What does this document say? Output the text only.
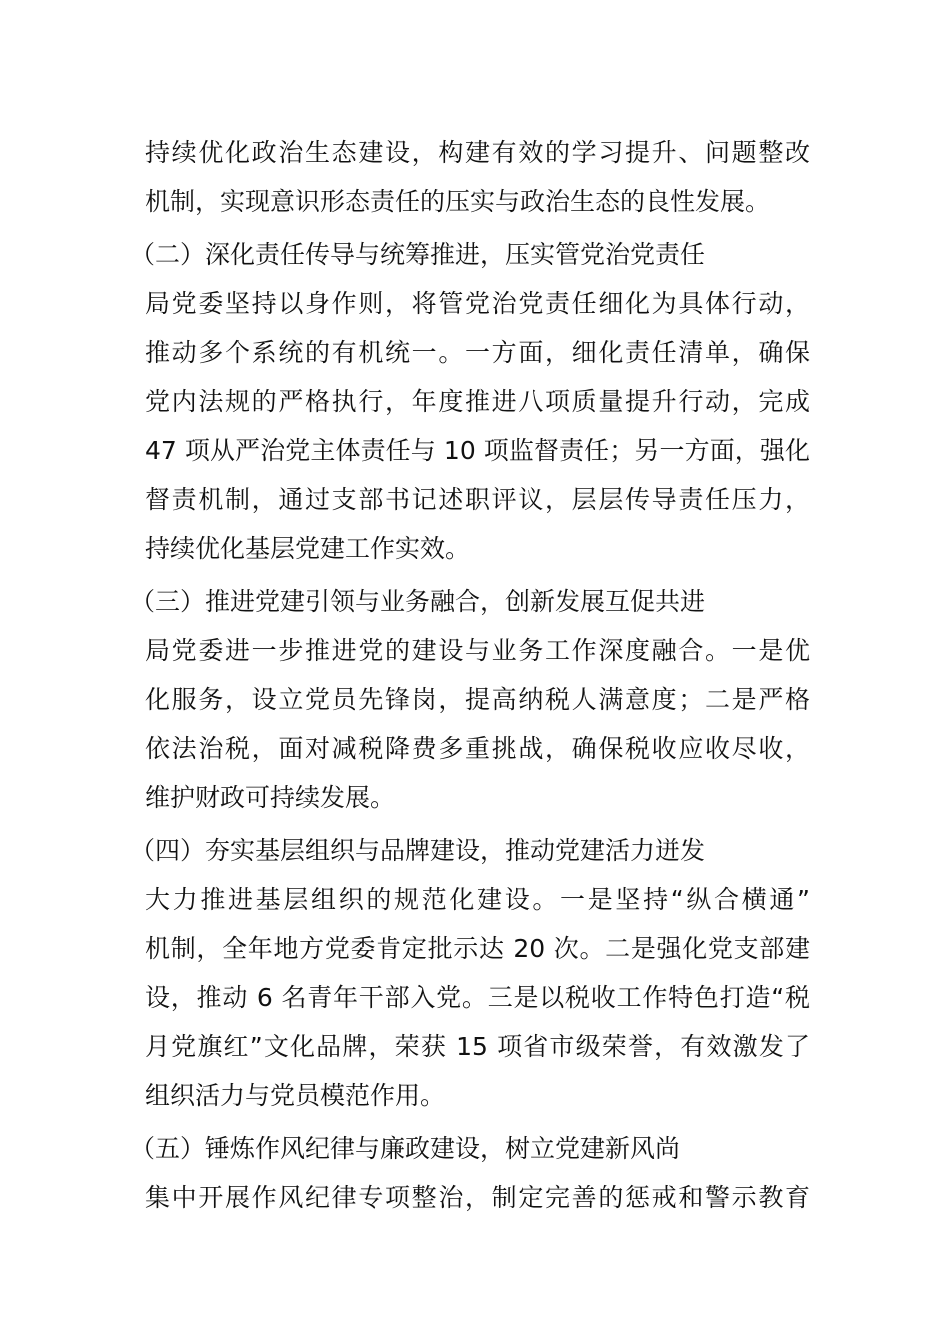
持续优化政治生态建设，构建有效的学习提升、问题整改
机制，实现意识形态责任的压实与政治生态的良性发展。
（二）深化责任传导与统筹推进，压实管党治党责任
局党委坚持以身作则，将管党治党责任细化为具体行动，
推动多个系统的有机统一。一方面，细化责任清单，确保
党内法规的严格执行，年度推进八项质量提升行动，完成
47 项从严治党主体责任与 10 项监督责任；另一方面，强化
督责机制，通过支部书记述职评议，层层传导责任压力，
持续优化基层党建工作实效。
（三）推进党建引领与业务融合，创新发展互促共进
局党委进一步推进党的建设与业务工作深度融合。一是优
化服务，设立党员先锋岗，提高纳税人满意度；二是严格
依法治税，面对减税降费多重挑战，确保税收应收尽收，
维护财政可持续发展。
（四）夯实基层组织与品牌建设，推动党建活力迸发
大力推进基层组织的规范化建设。一是坚持“纵合横通”
机制，全年地方党委肯定批示达 20 次。二是强化党支部建
设，推动 6 名青年干部入党。三是以税收工作特色打造“税
月党旗红”文化品牌，荣获 15 项省市级荣誉，有效激发了
组织活力与党员模范作用。
（五）锤炼作风纪律与廉政建设，树立党建新风尚
集中开展作风纪律专项整治，制定完善的惩戒和警示教育
